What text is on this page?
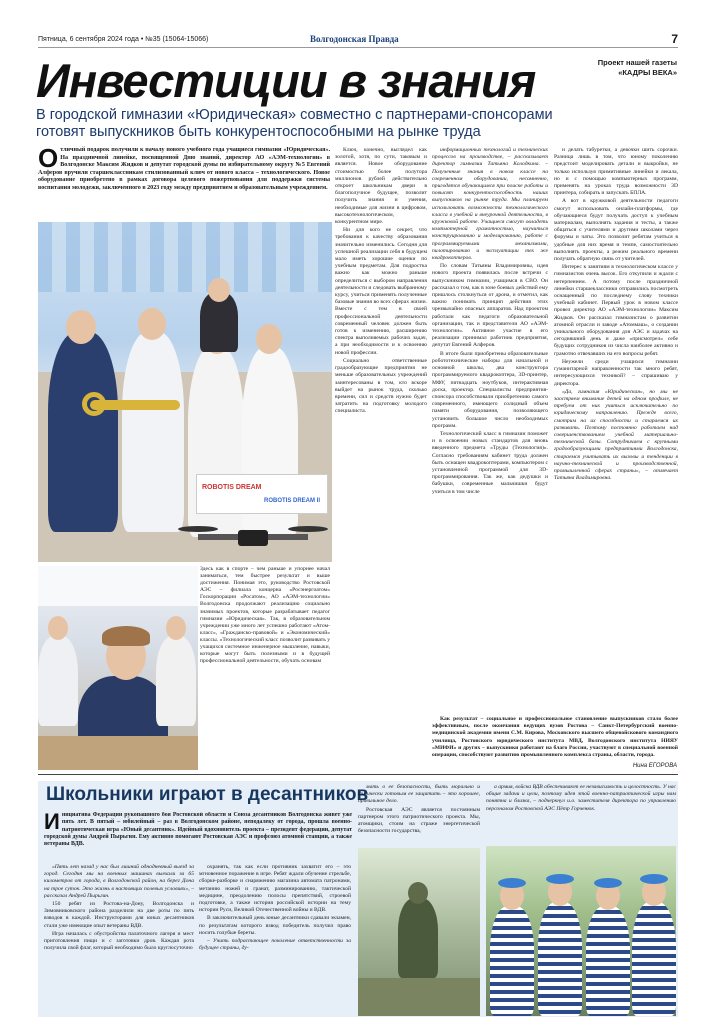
Пятница, 6 сентября 2024 года • №35 (15064-15066)	Волгодонская Правда	7
Проект нашей газеты
«КАДРЫ ВЕКА»
Инвестиции в знания
В городской гимназии «Юридическая» совместно с партнерами-спонсорами готовят выпускников быть конкурентоспособными на рынке труда
Отличный подарок получили к началу нового учебного года учащиеся гимназии «Юридическая». На праздничной линейке, посвященной Дню знаний, директор АО «АЭМ-технологии» в Волгодонске Максим Жидков и депутат городской думы по избирательному округу №5 Евгений Алферов вручили старшеклассникам стилизованный ключ от нового класса – технологического. Новое оборудование приобретено в рамках договора целевого пожертвования для поддержки системы воспитания молодежи, заключенного в 2023 году между предприятием и образовательным учреждением.
ROBOTIS DREAM
ROBOTIS DREAM II
Здесь как в спорте – чем раньше и упорнее начал заниматься, тем быстрее результат и выше достижения. Понимая это, руководство Ростовской АЭС – филиала концерна «Росэнергоатом» Госкорпорации «Росатом», АО «АЭМ-технологии» Волгодонска продолжают реализацию социально значимых проектов, которые разрабатывает педагог гимназии «Юридическая». Так, в образовательном учреждении уже много лет успешно работают «Атом-класс», «Гражданско-правовой» и «Экономический» классы. «Технологический класс позволит развивать у учащихся системное инженерное мышление, навыки, которые могут быть полезными и в будущей профессиональной деятельности, обучать основам

Ключ, конечно, выглядел как золотой, хотя, по сути, таковым и является. Новое оборудование стоимостью более полутора миллионов рублей действительно откроет школьникам двери в благополучное будущее, позволит получить знания и умения, необходимые для жизни в цифровом, высокотехнологическом, конкурентном мире.

Ни для кого не секрет, что требования к качеству образования значительно изменились. Сегодня для успешной реализации себя в будущем мало иметь хорошие оценки по учебным предметам. Для подростка важно как можно раньше определиться с выбором направления деятельности и следовать выбранному курсу, учиться применять полученные базовые знания во всех сферах жизни. Вместе с тем в своей профессиональной деятельности современный человек должен быть готов к изменению, расширению спектра выполняемых рабочих задач, а при необходимости и к освоению новой профессии.

Социально ответственные градообразующие предприятия не меньше образовательных учреждений заинтересованы в том, кто вскоре выйдет на рынок труда, сколько времени, сил и средств нужно будет затратить на подготовку молодого специалиста.

информационных технологий и технических процессов на производстве, – рассказывает директор гимназии Татьяна Колодкина. – Полученные знания в новом классе на современном оборудовании, несомненно, пригодятся обучающимся при поиске работы и повысят конкурентоспособность наших выпускников на рынке труда. Мы планируем использовать возможности технологического класса в учебной и внеурочной деятельности, в кружковой работе. Учащиеся смогут овладеть компьютерной грамотностью, научиться конструированию и моделированию, работе с программируемыми механизмами, пилотированию и эксплуатации тех же квадрокоптеров.

По словам Татьяны Владимировны, идея нового проекта появилась после встречи с выпускником гимназии, учащимся в СВО. Он рассказал о том, как в зоне боевых действий ему пришлось столкнуться от дрона, и отметил, как важно понимать принцип действия этих чрезвычайно опасных аппаратов. Над проектом работали как педагоги образовательной организации, так и представители АО «АЭМ-технологии». Активное участие в его реализации принимал работник предприятия, депутат Евгений Алферов.

В итоге были приобретены образовательные робототехнические наборы для начальной и основной школы, два конструктора программируемого квадрокоптера, 3D-принтер, МФУ, пятнадцать ноутбуков, интерактивная доска, проектор. Специалисты предприятия-спонсора способствовали приобретению самого современного, имеющего солидный объем памяти оборудования, позволяющего установить большое число необходимых программ.

Технологический класс в гимназии поможет и в освоении новых стандартов для вновь введенного предмета «Труды (Технология)». Согласно требованиям кабинет труда должен быть оснащен квадрокоптерами, компьютером с установленной программой для 3D-программирования. Так же, как дедушки и бабушки, современные мальчишки будут учиться в том числе

и делать табуретки, а девочки шить сорочки. Разница лишь в том, что юному поколению предстоит моделировать детали и выкройки, не только используя примитивные линейки и лекала, но и с помощью компьютерных программ, применять на уроках труда возможности 3D принтера, собирать и запускать БПЛА.

А вот в кружковой деятельности педагоги смогут использовать онлайн-платформы, где обучающиеся будут получать доступ к учебным материалам, выполнять задания и тесты, а также общаться с учителями и другими школами через форумы и чаты. Это позволит ребятам учиться в удобные для них время и темпе, самостоятельно выполнять проекты, а режим реального времени получать обратную связь от учителей.

Интерес к занятиям в технологическом классе у гимназистов очень высок. Его откупили и ждали с нетерпением. А потому после праздничной линейки старшеклассники отправились посмотреть оснащенный по последнему слову техники учебный кабинет. Первый урок в новом классе провел директор АО «АЭМ-технологии» Максим Жидков. Он рассказал гимназистам о развитии атомной отрасли и заводе «Атоммаш», о создании уникального оборудования для АЭС и задачах на сегодняшний день и даже «присмотрел» себе будущих сотрудников из числа наиболее активно и грамотно отвечавших на его вопросы ребят.

Неужели среди учащихся гимназии гуманитарной направленности так много ребят, интересующихся техникой? – спрашиваю у директора.

«Да, гимназия «Юридическая», но мы не заостряем внимание детей на одном профиле, не требуем от них учиться исключительно по юридическому направлению. Прежде всего, смотрим на их способности и стараемся их развивать. Поэтому постоянно работаем над совершенствованием учебной материально-технической базы. Сотрудничаем с крупными градообразующими предприятиями Волгодонска, стараемся учитывать их вызовы и тенденции в научно-технической и производственной, промышленной сферах страны», – отмечает Татьяна Владимировна.

Как результат – социальное и профессиональное становление выпускников стало более эффективным, после окончания ведущих вузов Ростова – Санкт-Петербургский военно-медицинской академии имени С.М. Кирова, Московского высшего общевойскового командного училища, Ростовского юридического института МВД, Волгодонского института НИЯУ «МИФИ» и других – выпускники работают на благо России, участвуют в специальной военной операции, способствуют развитию промышленного комплекса страны, области, города.

Нина ЕГОРОВА
Школьники играют в десантников
Инициатива Федерации рукопашного боя Ростовской области и Союза десантников Волгодонска живет уже пять лет. В пятый – юбилейный – раз в Волгодонском районе, неподалеку от города, прошла военно-патриотическая игра «Юный десантник». Идейный вдохновитель проекта – президент федерации, депутат городской думы Андрей Пырьгин. Ему активно помогают Ростовская АЭС и профсоюз атомной станции, а также ветераны ВДВ.

«Пять лет назад у нас был лишний однодневный выезд за город. Сегодня мы на военных машинах выехали за 65 километров от города, в Волгодонской район, на берег Дона на трое суток. Это жизнь в настоящих полевых условиях», – рассказал Андрей Пырьгин.

150 ребят из Ростова-на-Дону, Волгодонска и Зимовниковского района разделили на две роты по пять взводов в каждой. Инструкторами для юных десантников стали уже имеющие опыт ветераны ВДВ.

Игра началась с обустройства палаточного лагеря и мест приготовления пищи и с заготовки дров. Каждая рота получила свой флаг, который необходимо было круглосуточно

охранять, так как если противник захватит его – это мгновенное поражение в игре. Ребят ждали обучение стрельбе, сборке-разборке и снаряжению магазина автомата патронами, метанию ножей и гранат, разминированию, тактической медицине, преодолению полосы препятствий, строевой подготовке, а также история российской истории на тему истории Руси, Великой Отечественной войны и ВДВ.

В заключительный день юные десантники сдавали экзамен, по результатам которого взвод победитель получил право носить голубые береты.

– Учить подрастающее поколение ответственности за будущее страны, ду-

мать о ее безопасности, быть морально и физически готовым ее защитить – это хорошее, правильное дело.

Ростовская АЭС является постоянным партнером этого патриотического проекта. Мы, атомщики, стоим на страже энергетической безопасности государства,

а армия, войска ВДВ обеспечивают ее независимость и целостность. У нас общие задачи и цели, поэтому идея этой военно-патриотической игры нам понятна и близка, – подчеркнул и.о. заместителя директора по управлению персоналом Ростовской АЭС Пётр Горченюк.
